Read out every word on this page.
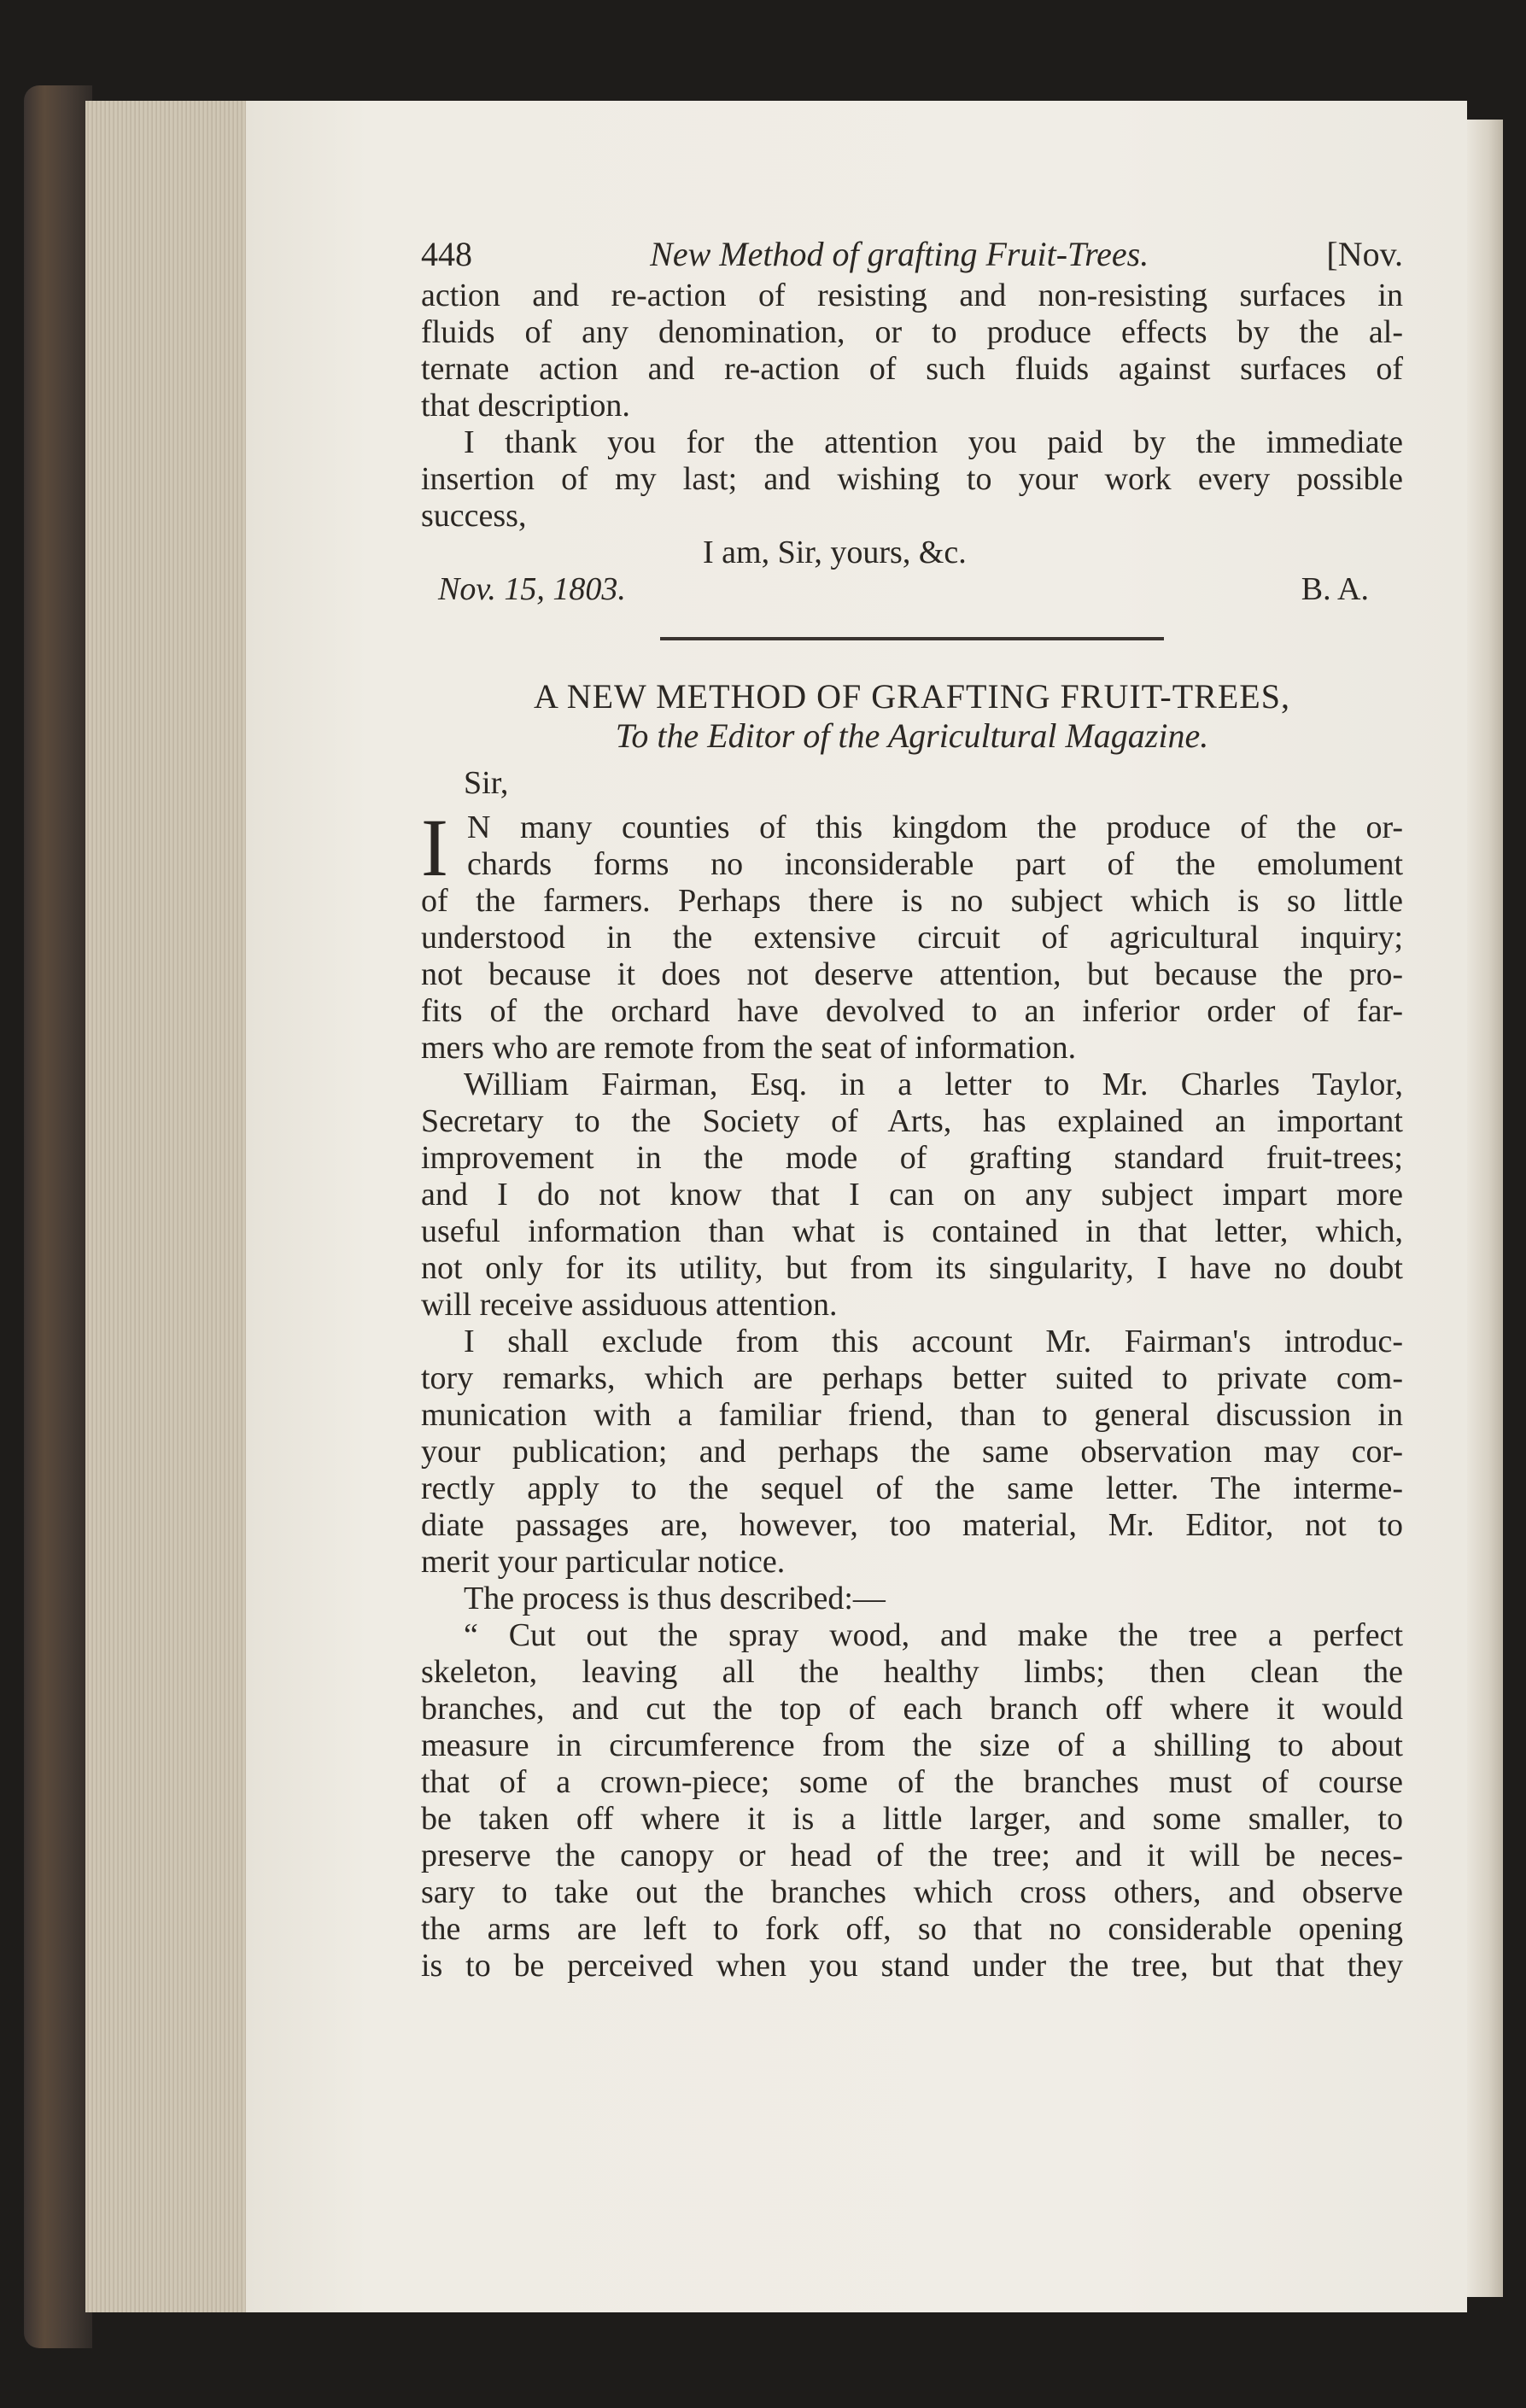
448	New Method of grafting Fruit-Trees.	[Nov.
action and re-action of resisting and non-resisting surfaces in
fluids of any denomination, or to produce effects by the al-
ternate action and re-action of such fluids against surfaces of
that description.
I thank you for the attention you paid by the immediate
insertion of my last; and wishing to your work every possible
success,
I am, Sir, yours, &c.
Nov. 15, 1803.	B. A.
A NEW METHOD OF GRAFTING FRUIT-TREES,
To the Editor of the Agricultural Magazine.
Sir,
I N many counties of this kingdom the produce of the or-
chards forms no inconsiderable part of the emolument
of the farmers. Perhaps there is no subject which is so little
understood in the extensive circuit of agricultural inquiry;
not because it does not deserve attention, but because the pro-
fits of the orchard have devolved to an inferior order of far-
mers who are remote from the seat of information.
William Fairman, Esq. in a letter to Mr. Charles Taylor,
Secretary to the Society of Arts, has explained an important
improvement in the mode of grafting standard fruit-trees;
and I do not know that I can on any subject impart more
useful information than what is contained in that letter, which,
not only for its utility, but from its singularity, I have no doubt
will receive assiduous attention.
I shall exclude from this account Mr. Fairman's introduc-
tory remarks, which are perhaps better suited to private com-
munication with a familiar friend, than to general discussion in
your publication; and perhaps the same observation may cor-
rectly apply to the sequel of the same letter. The interme-
diate passages are, however, too material, Mr. Editor, not to
merit your particular notice.
The process is thus described:—
“ Cut out the spray wood, and make the tree a perfect
skeleton, leaving all the healthy limbs; then clean the
branches, and cut the top of each branch off where it would
measure in circumference from the size of a shilling to about
that of a crown-piece; some of the branches must of course
be taken off where it is a little larger, and some smaller, to
preserve the canopy or head of the tree; and it will be neces-
sary to take out the branches which cross others, and observe
the arms are left to fork off, so that no considerable opening
is to be perceived when you stand under the tree, but that they
